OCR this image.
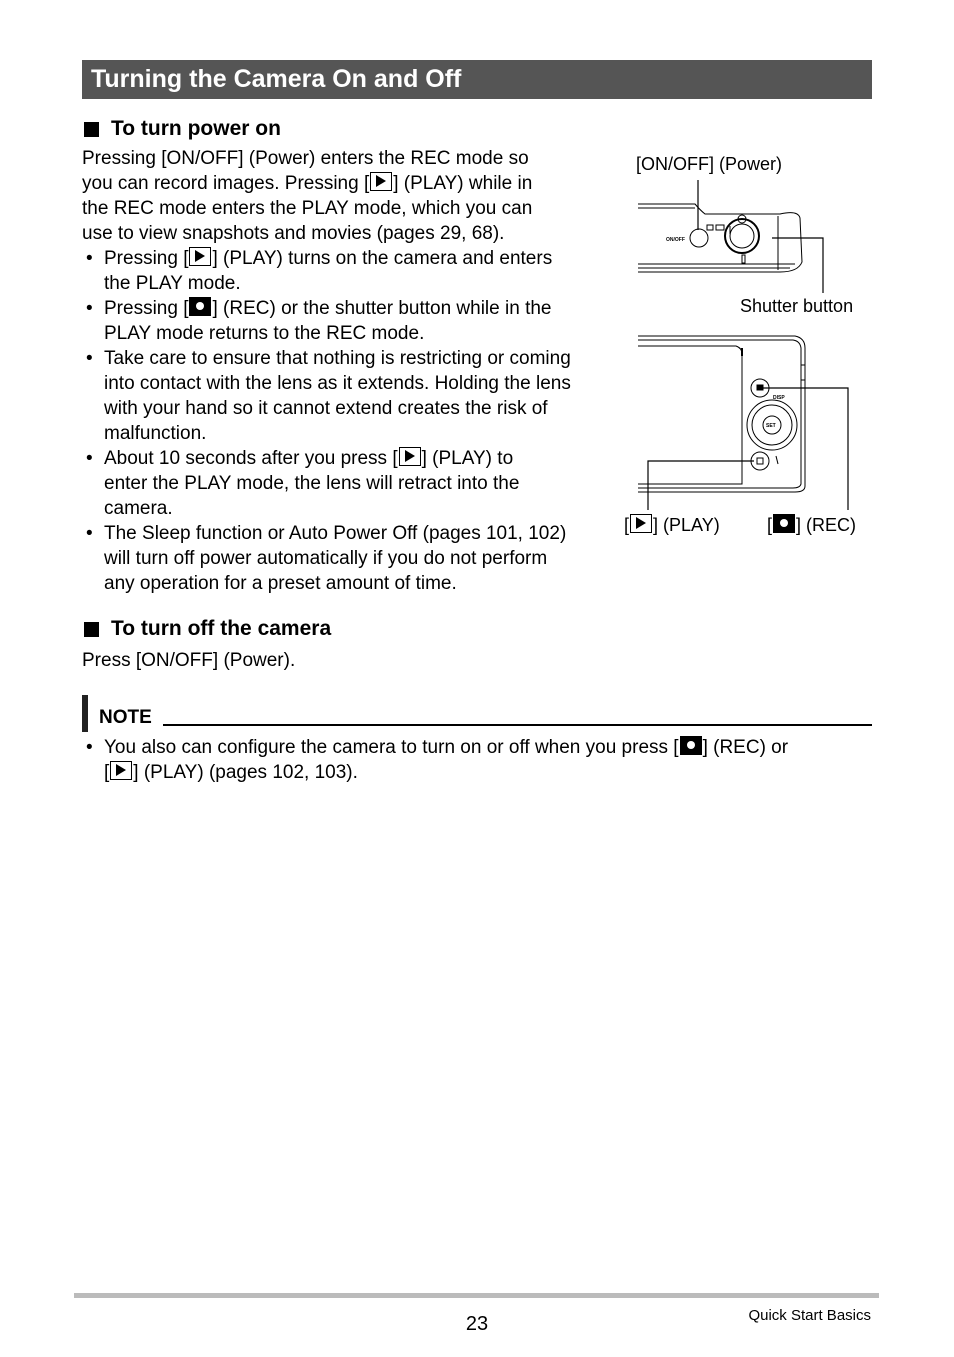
Turning the Camera On and Off
To turn power on
Pressing [ON/OFF] (Power) enters the REC mode so
you can record images. Pressing [ ] (PLAY) while in
the REC mode enters the PLAY mode, which you can
use to view snapshots and movies (pages 29, 68).
• Pressing [ ] (PLAY) turns on the camera and enters
the PLAY mode.
• Pressing [ ] (REC) or the shutter button while in the
PLAY mode returns to the REC mode.
• Take care to ensure that nothing is restricting or coming into contact with the lens as it extends. Holding the lens with your hand so it cannot extend creates the risk of malfunction.
• About 10 seconds after you press [ ] (PLAY) to
enter the PLAY mode, the lens will retract into the
camera.
• The Sleep function or Auto Power Off (pages 101, 102) will turn off power automatically if you do not perform any operation for a preset amount of time.
[ON/OFF] (Power)
Shutter button
[ ] (PLAY)	[ ] (REC)
ON/OFF
DISP
SET
To turn off the camera
Press [ON/OFF] (Power).
NOTE
• You also can configure the camera to turn on or off when you press [ ] (REC) or
[ ] (PLAY) (pages 102, 103).
23	Quick Start Basics
